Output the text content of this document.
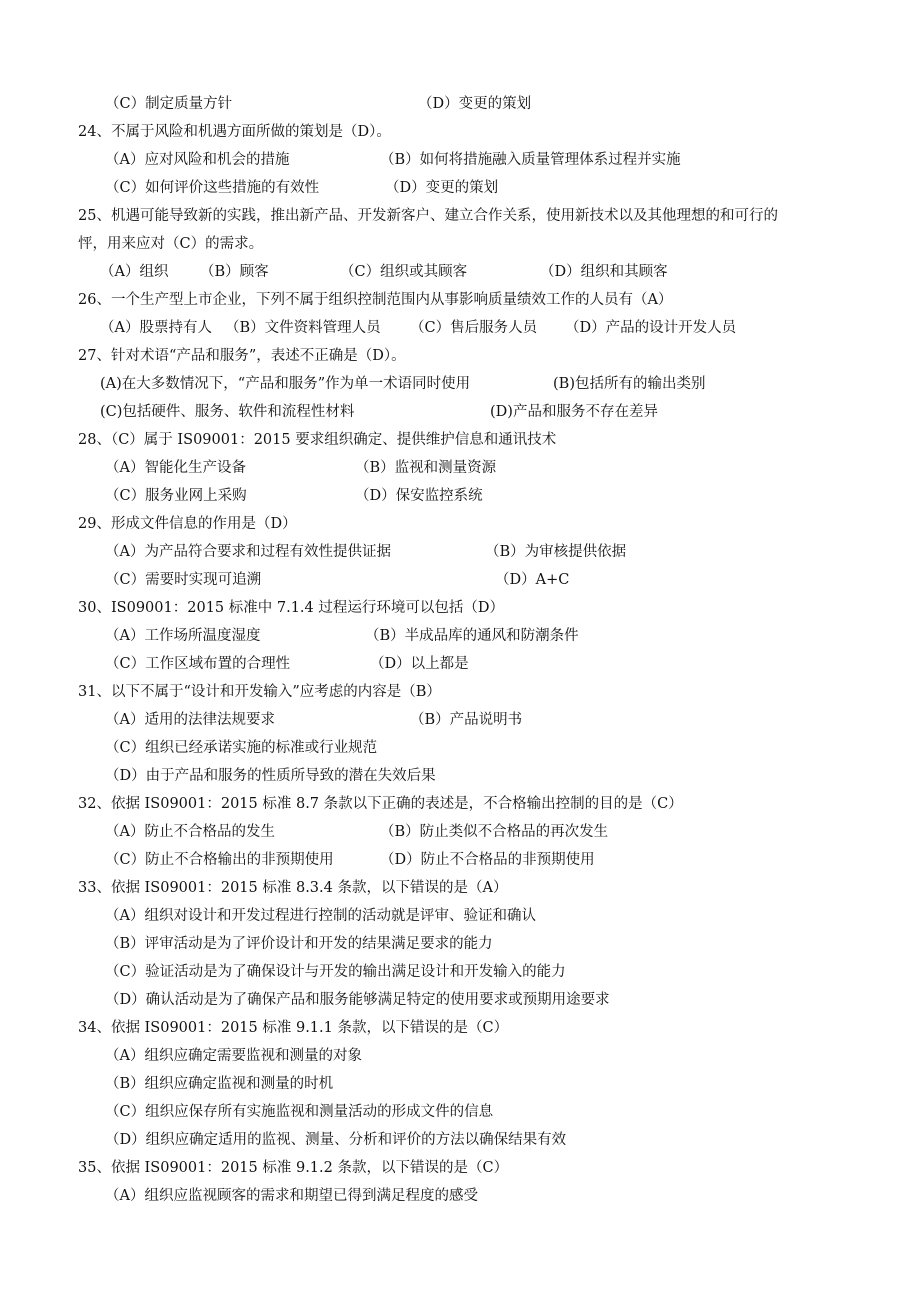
（C）制定质量方针	（D）变更的策划
24、不属于风险和机遇方面所做的策划是（D）。
（A）应对风险和机会的措施	（B）如何将措施融入质量管理体系过程并实施
（C）如何评价这些措施的有效性	（D）变更的策划
25、机遇可能导致新的实践，推出新产品、开发新客户、建立合作关系，使用新技术以及其他理想的和可行的
怦，用来应对（C）的需求。
（A）组织 （B）顾客	（C）组织或其顾客	（D）组织和其顾客
26、一个生产型上市企业，下列不属于组织控制范围内从事影响质量绩效工作的人员有（A）
（A）股票持有人 （B）文件资料管理人员 （C）售后服务人员 （D）产品的设计开发人员
27、针对术语“产品和服务”，表述不正确是（D）。
(A)在大多数情况下，“产品和服务”作为单一术语同时使用	(B)包括所有的输出类别
(C)包括硬件、服务、软件和流程性材料	(D)产品和服务不存在差异
28、（C）属于 IS09001：2015 要求组织确定、提供维护信息和通讯技术
（A）智能化生产设备	（B）监视和测量资源
（C）服务业网上采购	（D）保安监控系统
29、形成文件信息的作用是（D）
（A）为产品符合要求和过程有效性提供证据	（B）为审核提供依据
（C）需要时实现可追溯	（D）A+C
30、IS09001：2015 标准中 7.1.4 过程运行环境可以包括（D）
（A）工作场所温度湿度	（B）半成品库的通风和防潮条件
（C）工作区域布置的合理性	（D）以上都是
31、以下不属于“设计和开发输入”应考虑的内容是（B）
（A）适用的法律法规要求	（B）产品说明书
（C）组织已经承诺实施的标准或行业规范
（D）由于产品和服务的性质所导致的潜在失效后果
32、依据 IS09001：2015 标准 8.7 条款以下正确的表述是，不合格输出控制的目的是（C）
（A）防止不合格品的发生	（B）防止类似不合格品的再次发生
（C）防止不合格输出的非预期使用	（D）防止不合格品的非预期使用
33、依据 IS09001：2015 标准 8.3.4 条款，以下错误的是（A）
（A）组织对设计和开发过程进行控制的活动就是评审、验证和确认
（B）评审活动是为了评价设计和开发的结果满足要求的能力
（C）验证活动是为了确保设计与开发的输出满足设计和开发输入的能力
（D）确认活动是为了确保产品和服务能够满足特定的使用要求或预期用途要求
34、依据 IS09001：2015 标准 9.1.1 条款，以下错误的是（C）
（A）组织应确定需要监视和测量的对象
（B）组织应确定监视和测量的时机
（C）组织应保存所有实施监视和测量活动的形成文件的信息
（D）组织应确定适用的监视、测量、分析和评价的方法以确保结果有效
35、依据 IS09001：2015 标准 9.1.2 条款，以下错误的是（C）
（A）组织应监视顾客的需求和期望已得到满足程度的感受
